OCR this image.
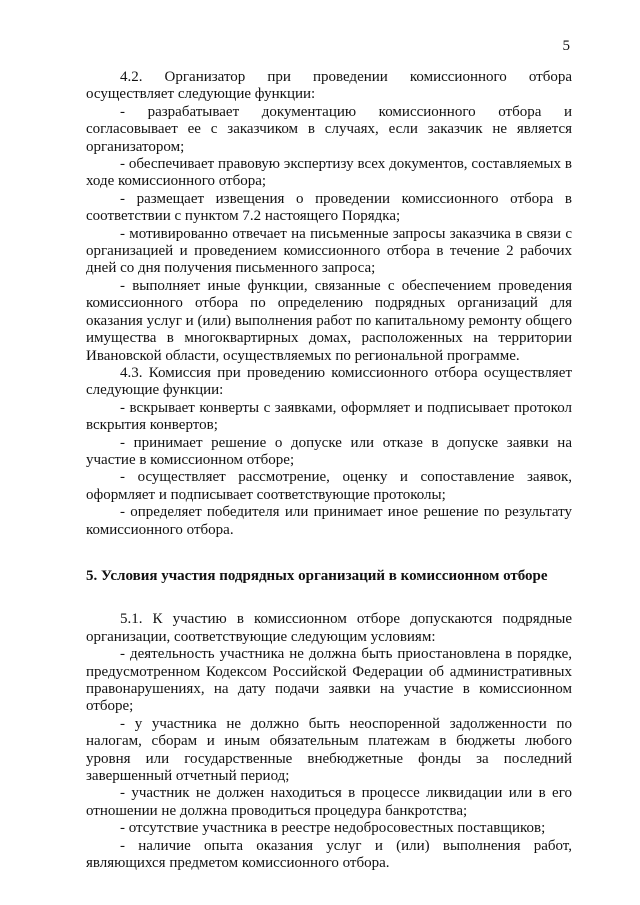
5

4.2. Организатор при проведении комиссионного отбора осуществляет следующие функции:

- разрабатывает документацию комиссионного отбора и согласовывает ее с заказчиком в случаях, если заказчик не является организатором;

- обеспечивает правовую экспертизу всех документов, составляемых в ходе комиссионного отбора;

- размещает извещения о проведении комиссионного отбора в соответствии с пунктом 7.2 настоящего Порядка;

- мотивированно отвечает на письменные запросы заказчика в связи с организацией и проведением комиссионного отбора в течение 2 рабочих дней со дня получения письменного запроса;

- выполняет иные функции, связанные с обеспечением проведения комиссионного отбора по определению подрядных организаций для оказания услуг и (или) выполнения работ по капитальному ремонту общего имущества в многоквартирных домах, расположенных на территории Ивановской области, осуществляемых по региональной программе.

4.3. Комиссия при проведению комиссионного отбора осуществляет следующие функции:

- вскрывает конверты с заявками, оформляет и подписывает протокол вскрытия конвертов;

- принимает решение о допуске или отказе в допуске заявки на участие в комиссионном отборе;

- осуществляет рассмотрение, оценку и сопоставление заявок, оформляет и подписывает соответствующие протоколы;

- определяет победителя или принимает иное решение по результату комиссионного отбора.

5. Условия участия подрядных организаций в комиссионном отборе

5.1. К участию в комиссионном отборе допускаются подрядные организации, соответствующие следующим условиям:

- деятельность участника не должна быть приостановлена в порядке, предусмотренном Кодексом Российской Федерации об административных правонарушениях, на дату подачи заявки на участие в комиссионном отборе;

- у участника не должно быть неоспоренной задолженности по налогам, сборам и иным обязательным платежам в бюджеты любого уровня или государственные внебюджетные фонды за последний завершенный отчетный период;

- участник не должен находиться в процессе ликвидации или в его отношении не должна проводиться процедура банкротства;

- отсутствие участника в реестре недобросовестных поставщиков;

- наличие опыта оказания услуг и (или) выполнения работ, являющихся предметом комиссионного отбора.
